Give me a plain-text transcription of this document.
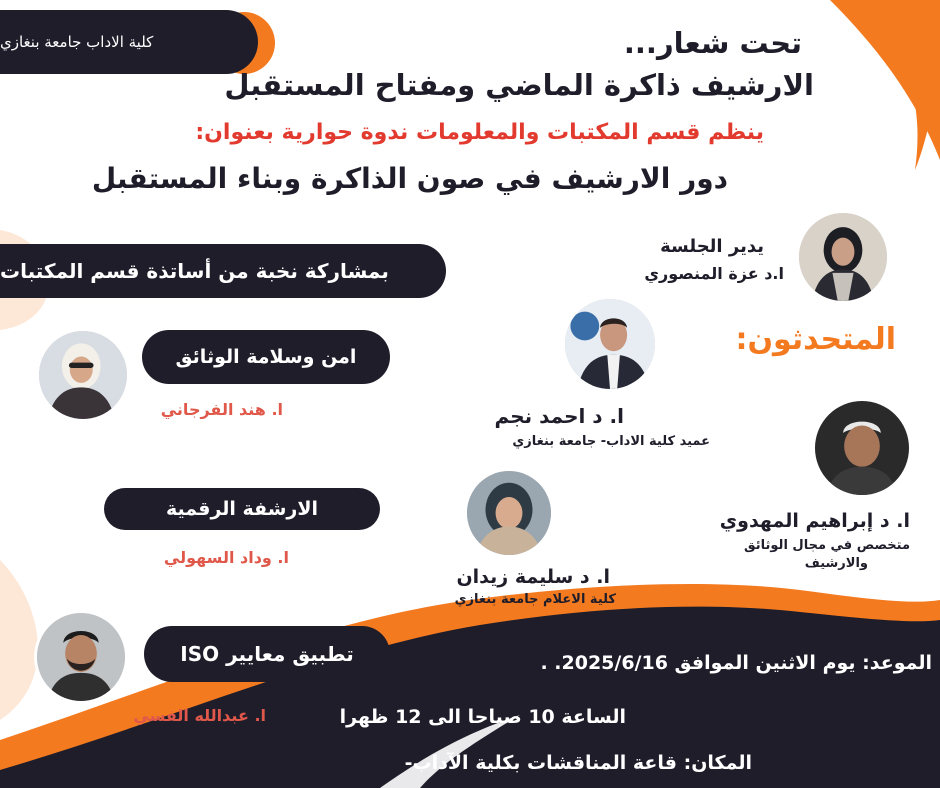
كلية الاداب جامعة بنغازي	تحت شعار...
الارشيف ذاكرة الماضي ومفتاح المستقبل
ينظم قسم المكتبات والمعلومات ندوة حوارية بعنوان:
دور الارشيف في صون الذاكرة وبناء المستقبل
يدير الجلسة
ا.د عزة المنصوري
بمشاركة نخبة من أساتذة قسم المكتبات
المتحدثون:
ا. د احمد نجم
عميد كلية الاداب- جامعة بنغازي
ا. د إبراهيم المهدوي
متخصص في مجال الوثائق
والارشيف
ا. د سليمة زيدان
كلية الاعلام جامعة بنغازي
امن وسلامة الوثائق
ا. هند الفرجاني
الارشفة الرقمية
ا. وداد السهولي
تطبيق معايير ISO
ا. عبدالله الفسي
الموعد: يوم الاثنين الموافق 2025/6/16. .
الساعة 10 صباحا الى 12 ظهرا
المكان: قاعة المناقشات بكلية الآداب-
